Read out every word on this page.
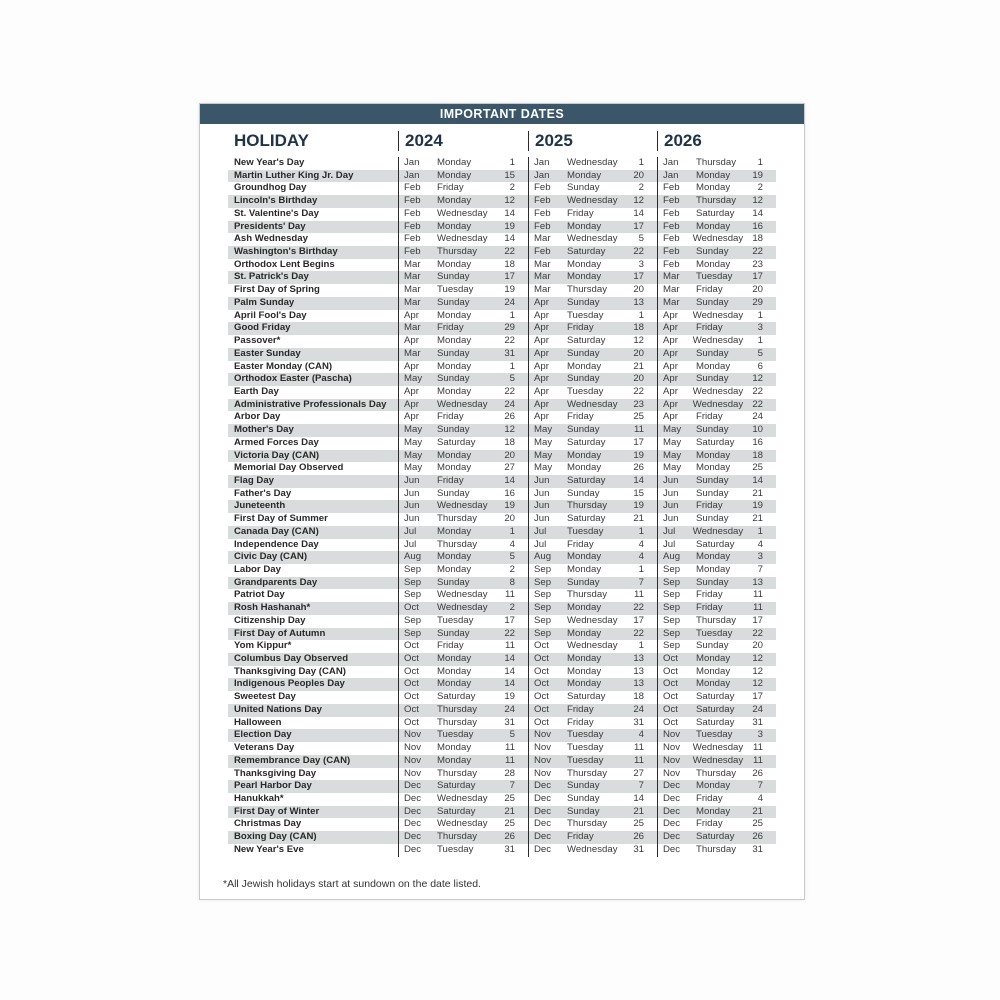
IMPORTANT DATES
HOLIDAY	2024	2025	2026
New Year's Day	Jan	Monday	1 Jan	Wednesday	1 Jan	Thursday	1
Martin Luther King Jr. Day	Jan	Monday	15 Jan	Monday	20 Jan	Monday	19
Groundhog Day	Feb	Friday	2 Feb	Sunday	2 Feb	Monday	2
Lincoln's Birthday	Feb	Monday	12 Feb	Wednesday	12 Feb	Thursday	12
St. Valentine's Day	Feb	Wednesday	14 Feb	Friday	14 Feb	Saturday	14
Presidents' Day	Feb	Monday	19 Feb	Monday	17 Feb	Monday	16
Ash Wednesday	Feb	Wednesday	14 Mar	Wednesday	5 Feb	Wednesday 18
Washington's Birthday	Feb	Thursday	22 Feb	Saturday	22 Feb	Sunday	22
Orthodox Lent Begins	Mar	Monday	18 Mar	Monday	3 Feb	Monday	23
St. Patrick's Day	Mar	Sunday	17 Mar	Monday	17 Mar	Tuesday	17
First Day of Spring	Mar	Tuesday	19 Mar	Thursday	20 Mar	Friday	20
Palm Sunday	Mar	Sunday	24 Apr	Sunday	13 Mar	Sunday	29
April Fool's Day	Apr	Monday	1 Apr	Tuesday	1 Apr	Wednesday	1
Good Friday	Mar	Friday	29 Apr	Friday	18 Apr	Friday	3
Passover*	Apr	Monday	22 Apr	Saturday	12 Apr	Wednesday	1
Easter Sunday	Mar	Sunday	31 Apr	Sunday	20 Apr	Sunday	5
Easter Monday (CAN)	Apr	Monday	1 Apr	Monday	21 Apr	Monday	6
Orthodox Easter (Pascha)	May	Sunday	5 Apr	Sunday	20 Apr	Sunday	12
Earth Day	Apr	Monday	22 Apr	Tuesday	22 Apr	Wednesday 22
Administrative Professionals Day	Apr	Wednesday	24 Apr	Wednesday	23 Apr	Wednesday 22
Arbor Day	Apr	Friday	26 Apr	Friday	25 Apr	Friday	24
Mother's Day	May	Sunday	12 May	Sunday	11 May	Sunday	10
Armed Forces Day	May	Saturday	18 May	Saturday	17 May	Saturday	16
Victoria Day (CAN)	May	Monday	20 May	Monday	19 May	Monday	18
Memorial Day Observed	May	Monday	27 May	Monday	26 May	Monday	25
Flag Day	Jun	Friday	14 Jun	Saturday	14 Jun	Sunday	14
Father's Day	Jun	Sunday	16 Jun	Sunday	15 Jun	Sunday	21
Juneteenth	Jun	Wednesday	19 Jun	Thursday	19 Jun	Friday	19
First Day of Summer	Jun	Thursday	20 Jun	Saturday	21 Jun	Sunday	21
Canada Day (CAN)	Jul	Monday	1 Jul	Tuesday	1 Jul	Wednesday	1
Independence Day	Jul	Thursday	4 Jul	Friday	4 Jul	Saturday	4
Civic Day (CAN)	Aug	Monday	5 Aug	Monday	4 Aug	Monday	3
Labor Day	Sep	Monday	2 Sep	Monday	1 Sep	Monday	7
Grandparents Day	Sep	Sunday	8 Sep	Sunday	7 Sep	Sunday	13
Patriot Day	Sep	Wednesday	11 Sep	Thursday	11 Sep	Friday	11
Rosh Hashanah*	Oct	Wednesday	2 Sep	Monday	22 Sep	Friday	11
Citizenship Day	Sep	Tuesday	17 Sep	Wednesday	17 Sep	Thursday	17
First Day of Autumn	Sep	Sunday	22 Sep	Monday	22 Sep	Tuesday	22
Yom Kippur*	Oct	Friday	11 Oct	Wednesday	1 Sep	Sunday	20
Columbus Day Observed	Oct	Monday	14 Oct	Monday	13 Oct	Monday	12
Thanksgiving Day (CAN)	Oct	Monday	14 Oct	Monday	13 Oct	Monday	12
Indigenous Peoples Day	Oct	Monday	14 Oct	Monday	13 Oct	Monday	12
Sweetest Day	Oct	Saturday	19 Oct	Saturday	18 Oct	Saturday	17
United Nations Day	Oct	Thursday	24 Oct	Friday	24 Oct	Saturday	24
Halloween	Oct	Thursday	31 Oct	Friday	31 Oct	Saturday	31
Election Day	Nov	Tuesday	5 Nov	Tuesday	4 Nov	Tuesday	3
Veterans Day	Nov	Monday	11 Nov	Tuesday	11 Nov	Wednesday	11
Remembrance Day (CAN)	Nov	Monday	11 Nov	Tuesday	11 Nov	Wednesday	11
Thanksgiving Day	Nov	Thursday	28 Nov	Thursday	27 Nov	Thursday	26
Pearl Harbor Day	Dec	Saturday	7 Dec	Sunday	7 Dec	Monday	7
Hanukkah*	Dec	Wednesday	25 Dec	Sunday	14 Dec	Friday	4
First Day of Winter	Dec	Saturday	21 Dec	Sunday	21 Dec	Monday	21
Christmas Day	Dec	Wednesday	25 Dec	Thursday	25 Dec	Friday	25
Boxing Day (CAN)	Dec	Thursday	26 Dec	Friday	26 Dec	Saturday	26
New Year's Eve	Dec	Tuesday	31 Dec	Wednesday	31 Dec	Thursday	31
*All Jewish holidays start at sundown on the date listed.
